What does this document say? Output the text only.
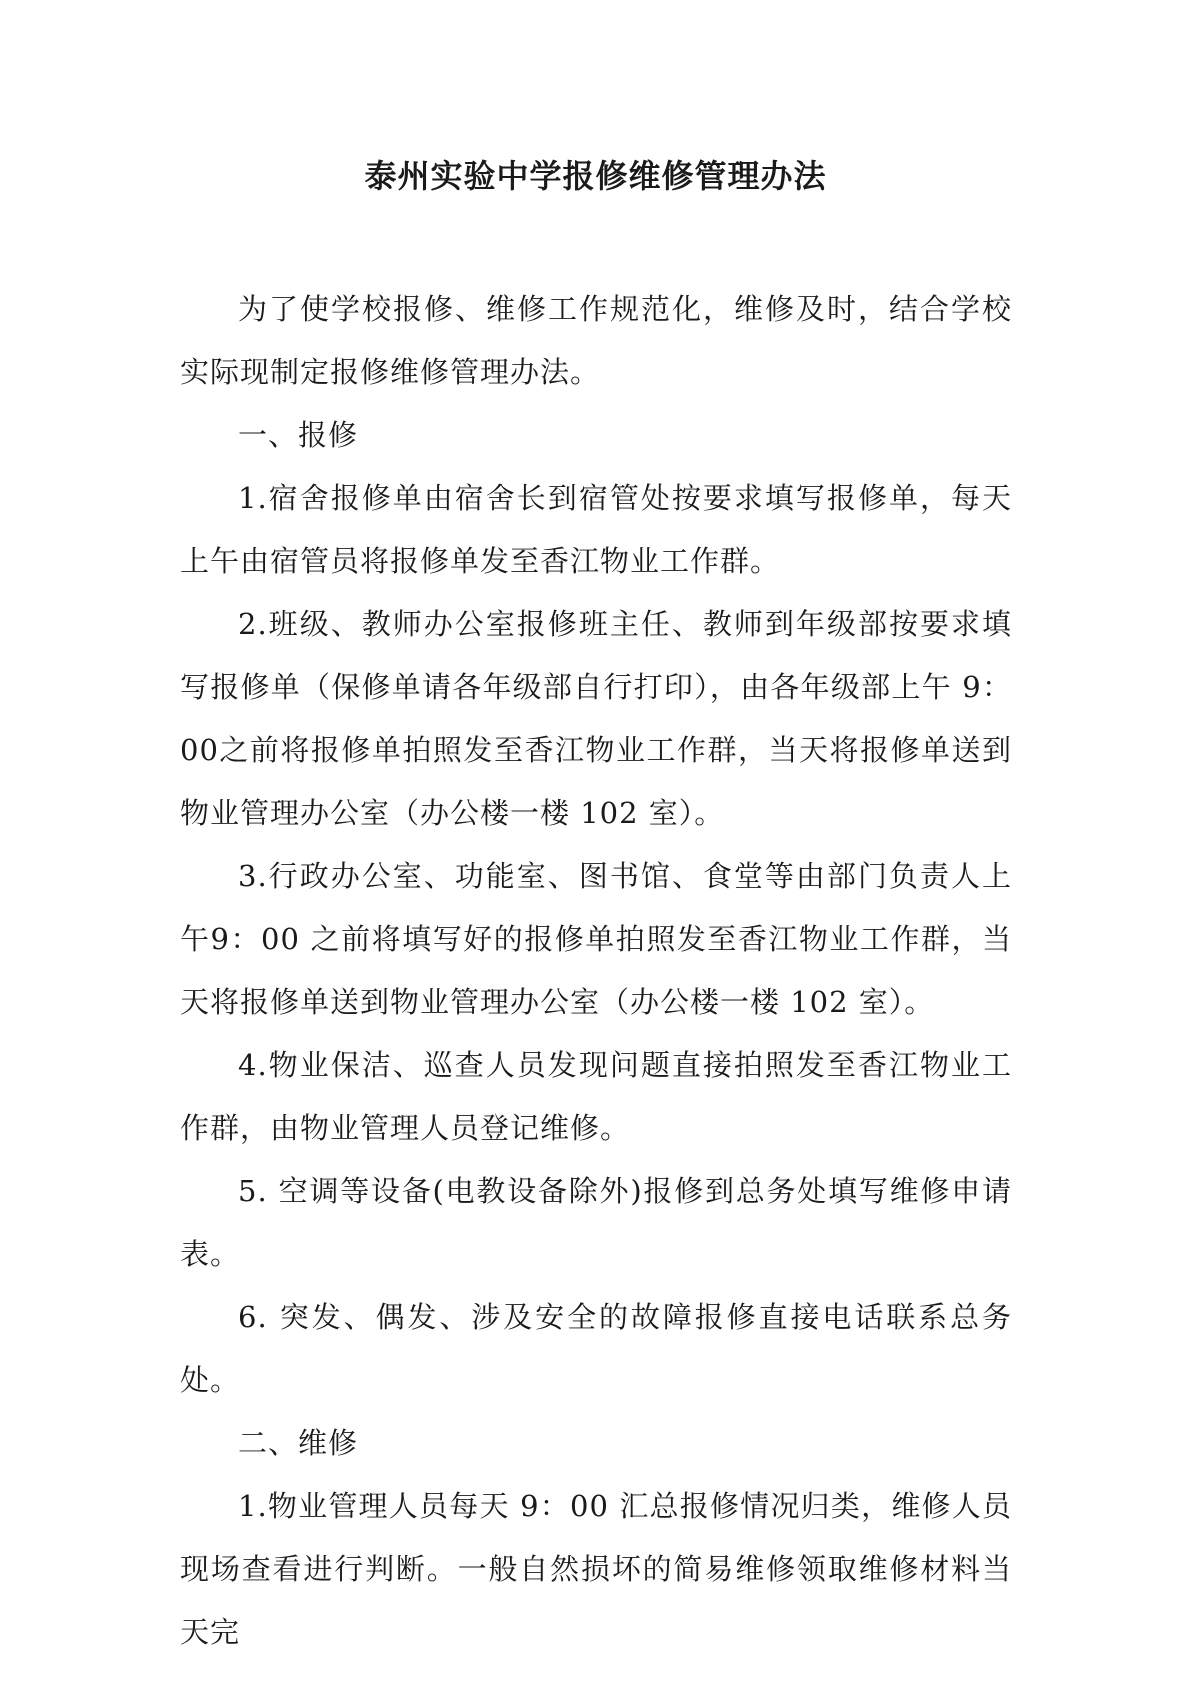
泰州实验中学报修维修管理办法

为了使学校报修、维修工作规范化，维修及时，结合学校实际现制定报修维修管理办法。

一、报修

1.宿舍报修单由宿舍长到宿管处按要求填写报修单，每天上午由宿管员将报修单发至香江物业工作群。

2.班级、教师办公室报修班主任、教师到年级部按要求填写报修单（保修单请各年级部自行打印），由各年级部上午 9：00之前将报修单拍照发至香江物业工作群，当天将报修单送到物业管理办公室（办公楼一楼 102 室）。

3.行政办公室、功能室、图书馆、食堂等由部门负责人上午9：00 之前将填写好的报修单拍照发至香江物业工作群，当天将报修单送到物业管理办公室（办公楼一楼 102 室）。

4.物业保洁、巡查人员发现问题直接拍照发至香江物业工作群，由物业管理人员登记维修。

5. 空调等设备(电教设备除外)报修到总务处填写维修申请表。

6. 突发、偶发、涉及安全的故障报修直接电话联系总务处。

二、维修

1.物业管理人员每天 9：00 汇总报修情况归类，维修人员现场查看进行判断。一般自然损坏的简易维修领取维修材料当天完
